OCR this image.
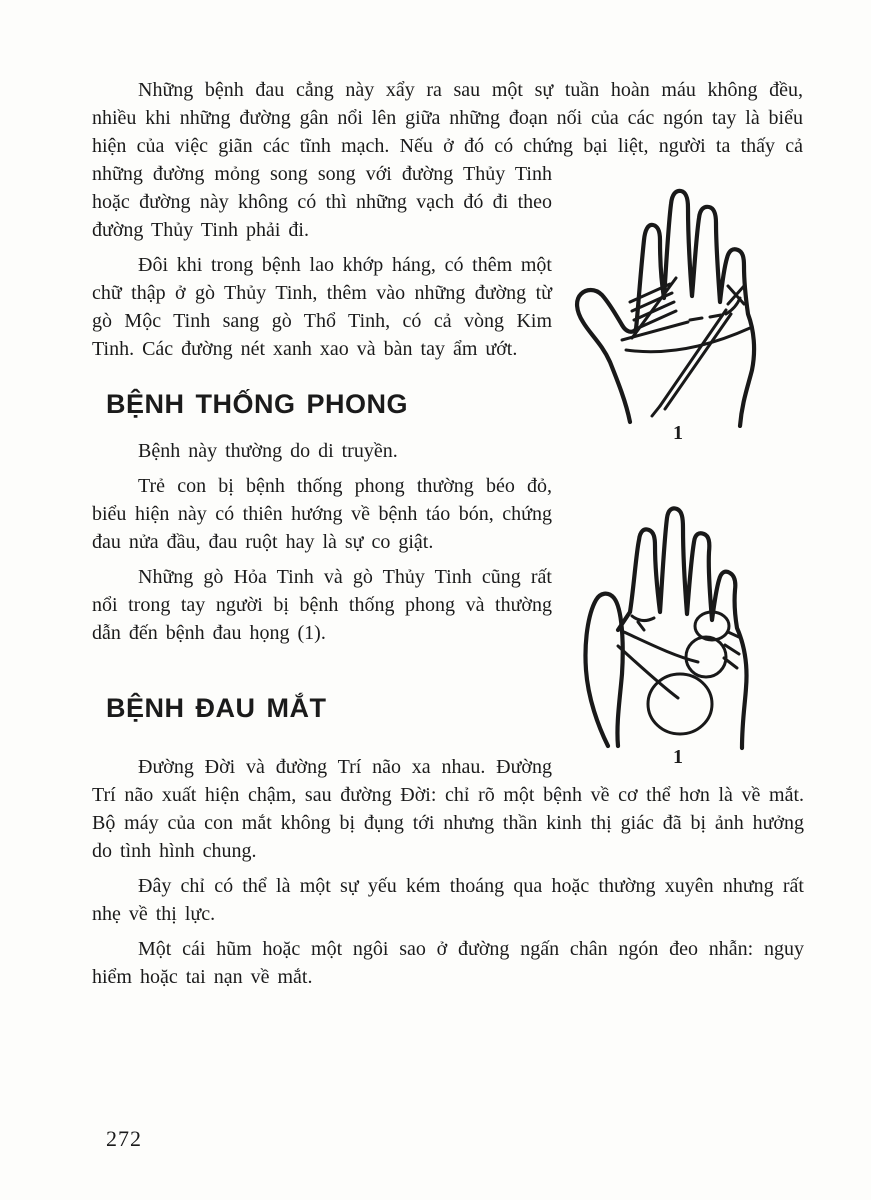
1
1

Những bệnh đau cẳng này xẩy ra sau một sự tuần hoàn máu không đều, nhiều khi những đường gân nổi lên giữa những đoạn nối của các ngón tay là biểu hiện của việc giãn các tĩnh mạch. Nếu ở đó có chứng bại liệt, người ta thấy cả những đường mỏng song song với đường Thủy Tinh hoặc đường này không có thì những vạch đó đi theo đường Thủy Tinh phải đi.

Đôi khi trong bệnh lao khớp háng, có thêm một chữ thập ở gò Thủy Tinh, thêm vào những đường từ gò Mộc Tinh sang gò Thổ Tinh, có cả vòng Kim Tinh. Các đường nét xanh xao và bàn tay ẩm ướt.

BỆNH THỐNG PHONG

Bệnh này thường do di truyền.

Trẻ con bị bệnh thống phong thường béo đỏ, biểu hiện này có thiên hướng về bệnh táo bón, chứng đau nửa đầu, đau ruột hay là sự co giật.

Những gò Hỏa Tinh và gò Thủy Tinh cũng rất nổi trong tay người bị bệnh thống phong và thường dẫn đến bệnh đau họng (1).

BỆNH ĐAU MẮT

Đường Đời và đường Trí não xa nhau. Đường Trí não xuất hiện chậm, sau đường Đời: chỉ rõ một bệnh về cơ thể hơn là về mắt. Bộ máy của con mắt không bị đụng tới nhưng thần kinh thị giác đã bị ảnh hưởng do tình hình chung.

Đây chỉ có thể là một sự yếu kém thoáng qua hoặc thường xuyên nhưng rất nhẹ về thị lực.

Một cái hũm hoặc một ngôi sao ở đường ngấn chân ngón đeo nhẫn: nguy hiểm hoặc tai nạn về mắt.

272
